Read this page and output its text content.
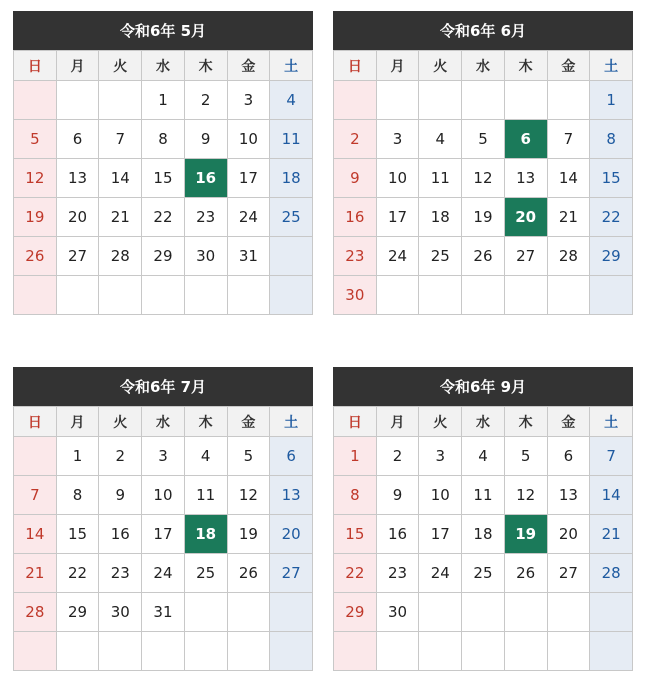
令和6年 5月
日	月	火	水	木	金	土
			1	2	3	4
5	6	7	8	9	10	11
12	13	14	15	16	17	18
19	20	21	22	23	24	25
26	27	28	29	30	31	

令和6年 6月
日	月	火	水	木	金	土
						1
2	3	4	5	6	7	8
9	10	11	12	13	14	15
16	17	18	19	20	21	22
23	24	25	26	27	28	29
30						
令和6年 7月
日	月	火	水	木	金	土
	1	2	3	4	5	6
7	8	9	10	11	12	13
14	15	16	17	18	19	20
21	22	23	24	25	26	27
28	29	30	31			

令和6年 9月
日	月	火	水	木	金	土
1	2	3	4	5	6	7
8	9	10	11	12	13	14
15	16	17	18	19	20	21
22	23	24	25	26	27	28
29	30					
